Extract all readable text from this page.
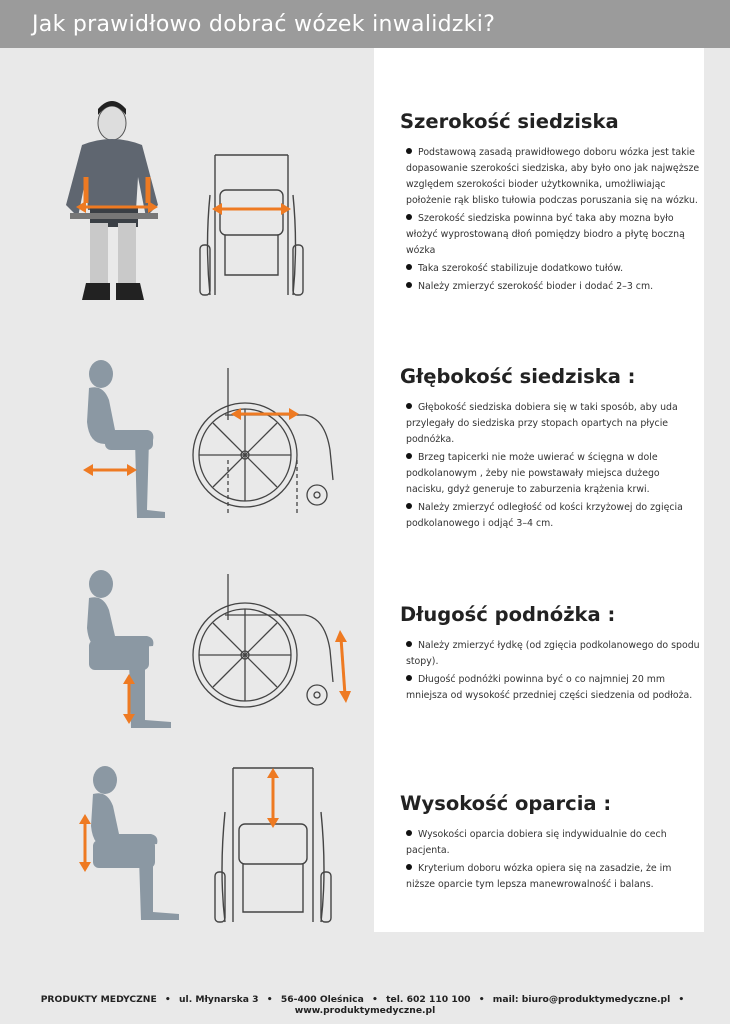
Jak prawidłowo dobrać wózek inwalidzki?
Szerokość siedziska
Podstawową zasadą prawidłowego doboru wózka jest takie dopasowanie szerokości siedziska, aby było ono jak najwęższe względem szerokości bioder użytkownika, umożliwiając położenie rąk blisko tułowia podczas poruszania się na wózku.
Szerokość siedziska powinna być taka aby mozna było włożyć wyprostowaną dłoń pomiędzy biodro a płytę boczną wózka
Taka szerokość stabilizuje dodatkowo tułów.
Należy zmierzyć szerokość bioder i dodać 2–3 cm.
Głębokość siedziska :
Głębokość siedziska dobiera się w taki sposób, aby uda przylegały do siedziska przy stopach opartych na płycie podnóżka.
Brzeg tapicerki nie może uwierać w ścięgna w dole podkolanowym , żeby nie powstawały miejsca dużego nacisku, gdyż generuje to zaburzenia krążenia krwi.
Należy zmierzyć odległość od kości krzyżowej do zgięcia podkolanowego i odjąć 3–4 cm.
Długość podnóżka :
Należy zmierzyć łydkę (od zgięcia podkolanowego do spodu stopy).
Długość podnóżki powinna być o co najmniej 20 mm mniejsza od wysokość przedniej części siedzenia od podłoża.
Wysokość oparcia :
Wysokości oparcia dobiera się indywidualnie do cech pacjenta.
Kryterium doboru wózka opiera się na zasadzie, że im niższe oparcie tym lepsza manewrowalność i balans.
PRODUKTY MEDYCZNE • ul. Młynarska 3 • 56-400 Oleśnica • tel. 602 110 100 • mail: biuro@produktymedyczne.pl • www.produktymedyczne.pl
